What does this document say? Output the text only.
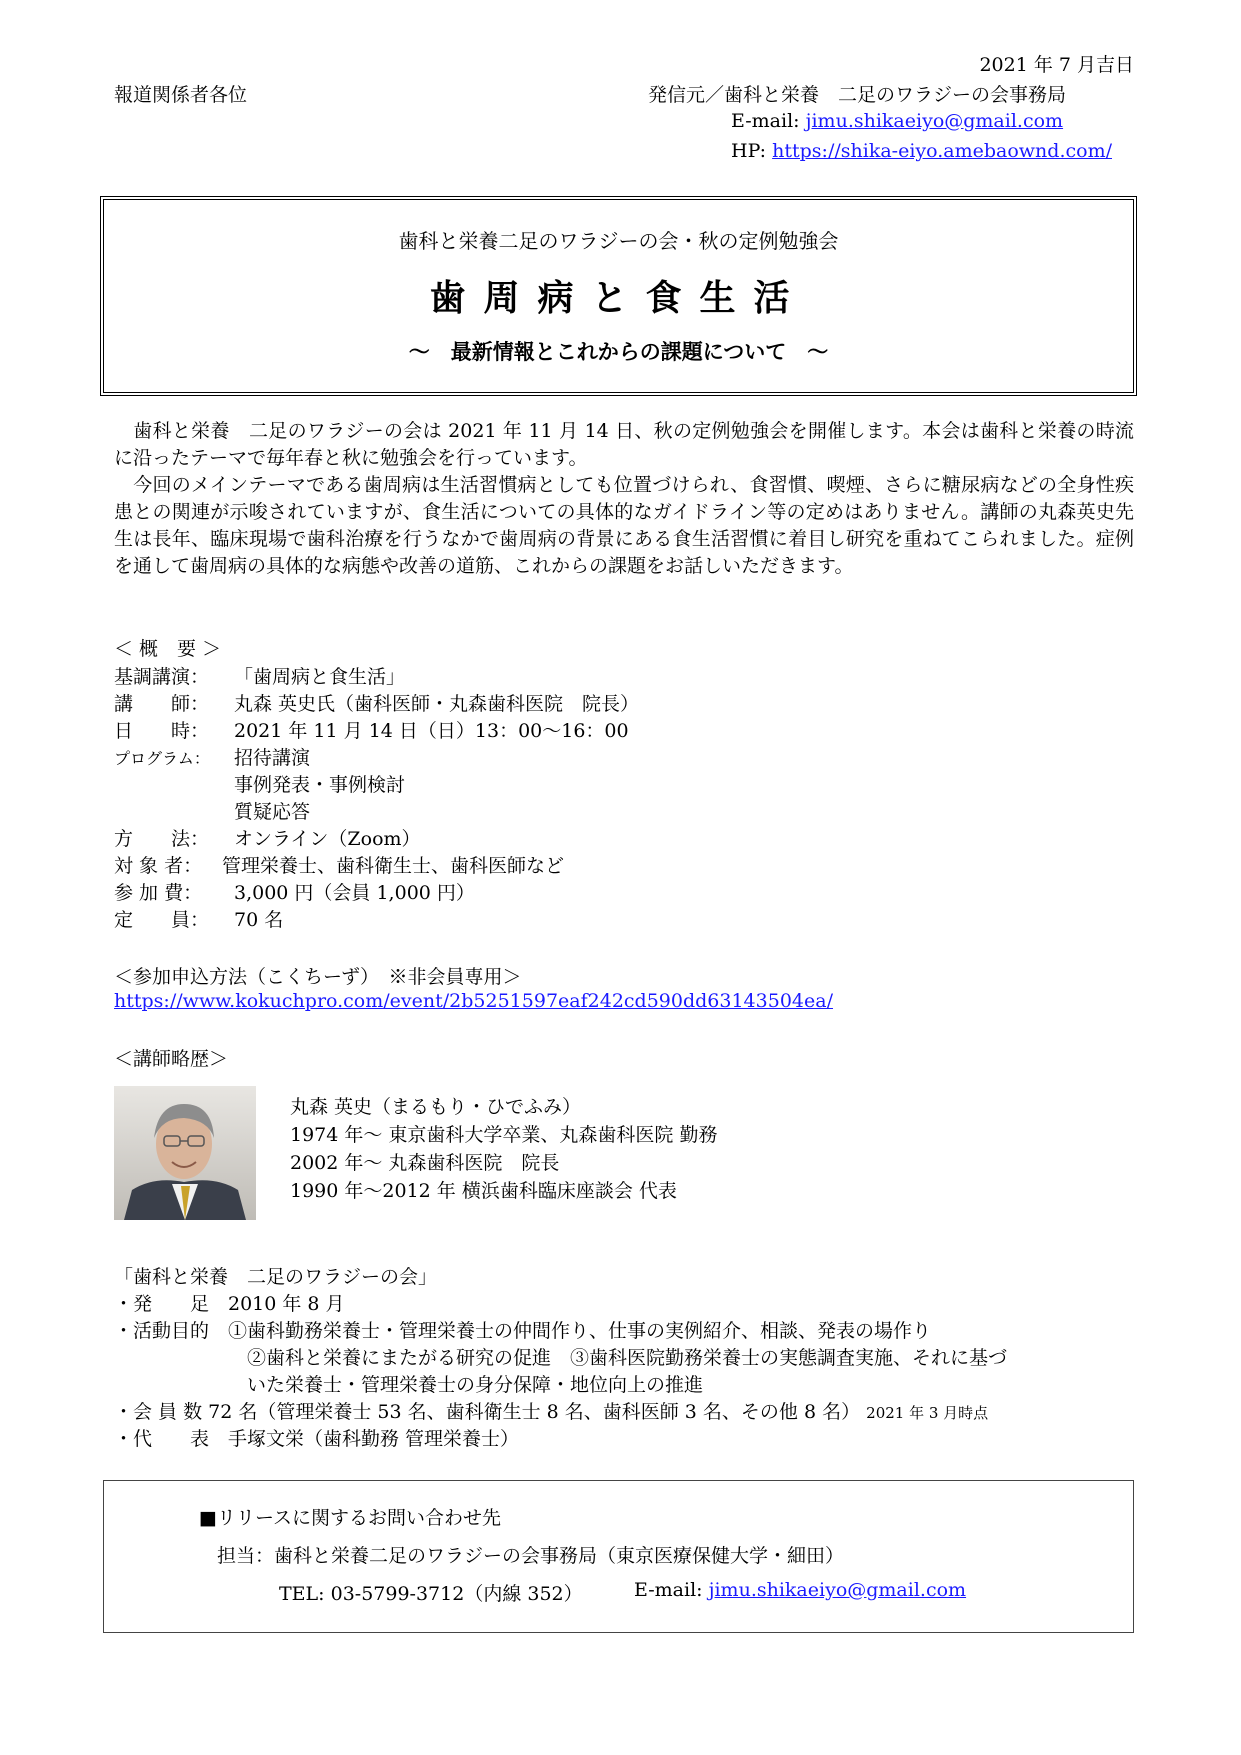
2021 年 7 月吉日
報道関係者各位	発信元／歯科と栄養　二足のワラジーの会事務局
E-mail: jimu.shikaeiyo@gmail.com
HP: https://shika-eiyo.amebaownd.com/
歯科と栄養二足のワラジーの会・秋の定例勉強会
歯周病と食生活
～　最新情報とこれからの課題について　～
　歯科と栄養　二足のワラジーの会は 2021 年 11 月 14 日、秋の定例勉強会を開催します。本会は歯科と栄養の時流に沿ったテーマで毎年春と秋に勉強会を行っています。
　今回のメインテーマである歯周病は生活習慣病としても位置づけられ、食習慣、喫煙、さらに糖尿病などの全身性疾患との関連が示唆されていますが、食生活についての具体的なガイドライン等の定めはありません。講師の丸森英史先生は長年、臨床現場で歯科治療を行うなかで歯周病の背景にある食生活習慣に着目し研究を重ねてこられました。症例を通して歯周病の具体的な病態や改善の道筋、これからの課題をお話しいただきます。
＜ 概　要 ＞
基調講演： 「歯周病と食生活」
講　　師： 丸森 英史氏（歯科医師・丸森歯科医院　院長）
日　　時： 2021 年 11 月 14 日（日）13：00～16：00
プログラム： 招待講演
事例発表・事例検討
質疑応答
方　　法： オンライン（Zoom）
対 象 者： 管理栄養士、歯科衛生士、歯科医師など
参 加 費： 3,000 円（会員 1,000 円）
定　　員： 70 名
＜参加申込方法（こくちーず）　※非会員専用＞
https://www.kokuchpro.com/event/2b5251597eaf242cd590dd63143504ea/
＜講師略歴＞
丸森 英史（まるもり・ひでふみ）
1974 年～ 東京歯科大学卒業、丸森歯科医院 勤務
2002 年～ 丸森歯科医院　院長
1990 年～2012 年 横浜歯科臨床座談会 代表
「歯科と栄養　二足のワラジーの会」
・発　　足　2010 年 8 月
・活動目的　①歯科勤務栄養士・管理栄養士の仲間作り、仕事の実例紹介、相談、発表の場作り
②歯科と栄養にまたがる研究の促進　③歯科医院勤務栄養士の実態調査実施、それに基づ
いた栄養士・管理栄養士の身分保障・地位向上の推進
・会 員 数 72 名（管理栄養士 53 名、歯科衛生士 8 名、歯科医師 3 名、その他 8 名） 2021 年 3 月時点
・代　　表　手塚文栄（歯科勤務 管理栄養士）
■リリースに関するお問い合わせ先
担当：歯科と栄養二足のワラジーの会事務局（東京医療保健大学・細田）
TEL: 03-5799-3712（内線 352）	E-mail: jimu.shikaeiyo@gmail.com
